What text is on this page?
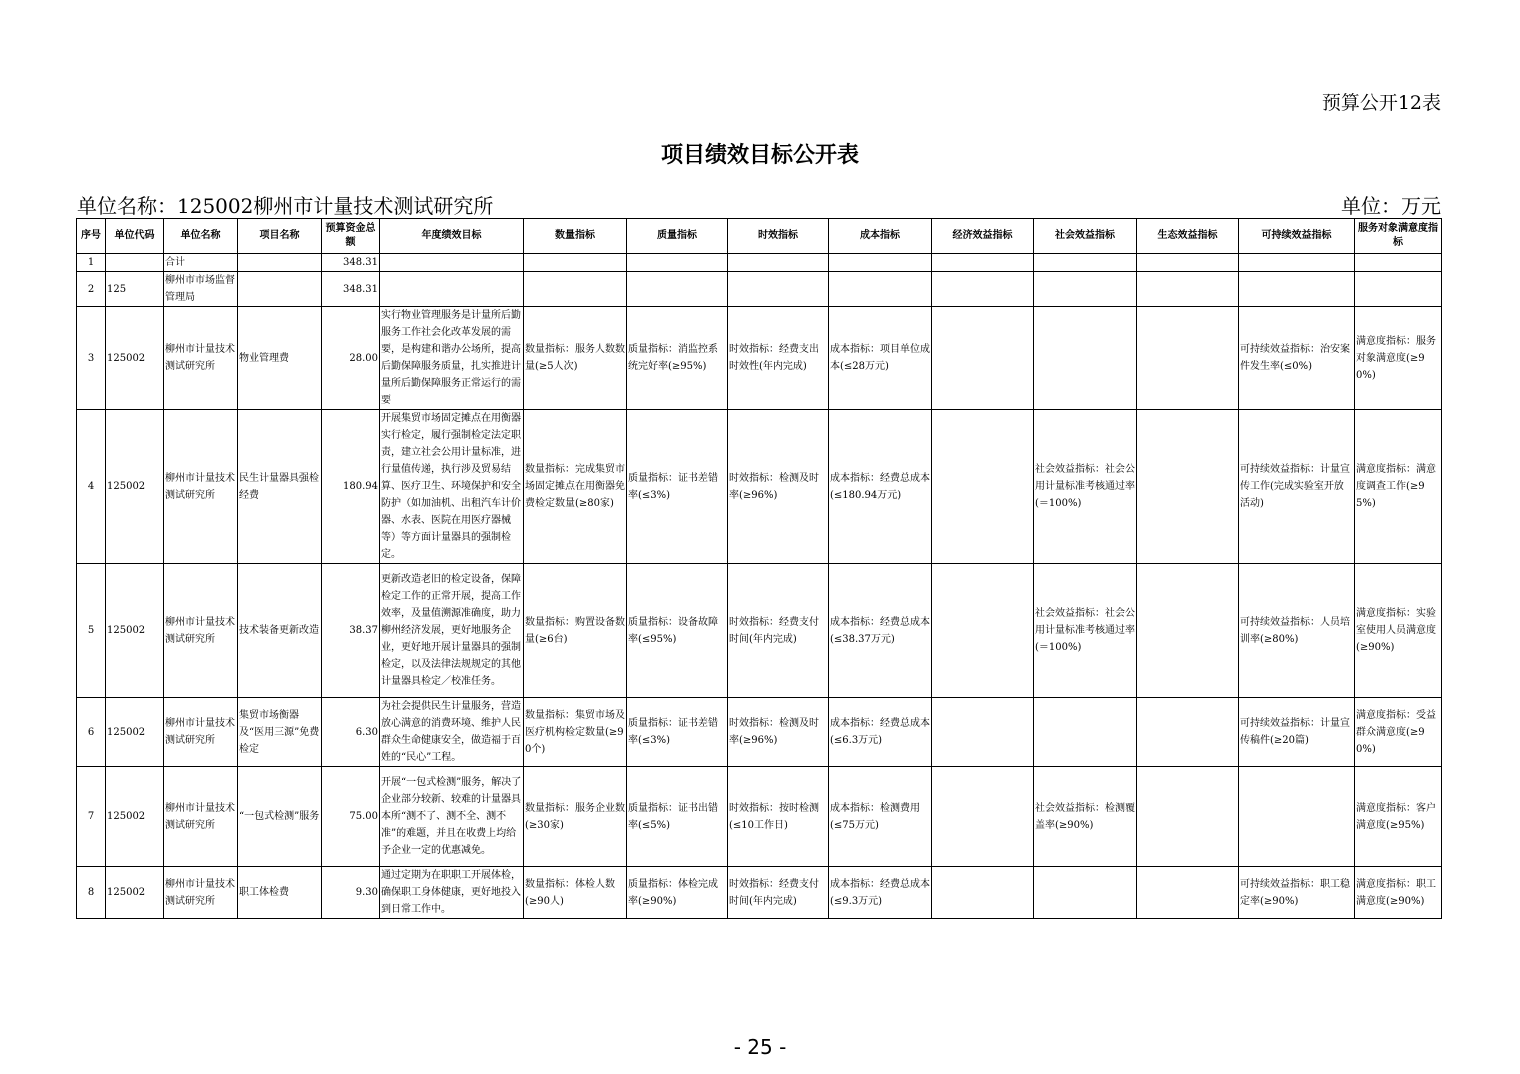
预算公开12表
项目绩效目标公开表
单位名称：125002柳州市计量技术测试研究所	单位：万元
序号	单位代码	单位名称	项目名称	预算资金总额	年度绩效目标	数量指标	质量指标	时效指标	成本指标	经济效益指标	社会效益指标	生态效益指标	可持续效益指标	服务对象满意度指标
1		合计		348.31										
2	125	柳州市市场监督管理局		348.31										
3	125002	柳州市计量技术测试研究所	物业管理费	28.00	实行物业管理服务是计量所后勤服务工作社会化改革发展的需要，是构建和谐办公场所，提高后勤保障服务质量，扎实推进计量所后勤保障服务正常运行的需要	数量指标：服务人数数量(≥5人次)	质量指标：消监控系统完好率(≥95%)	时效指标：经费支出时效性(年内完成)	成本指标：项目单位成本(≤28万元)				可持续效益指标：治安案件发生率(≤0%)	满意度指标：服务对象满意度(≥90%)
4	125002	柳州市计量技术测试研究所	民生计量器具强检经费	180.94	开展集贸市场固定摊点在用衡器实行检定，履行强制检定法定职责，建立社会公用计量标准，进行量值传递，执行涉及贸易结算、医疗卫生、环境保护和安全防护（如加油机、出租汽车计价器、水表、医院在用医疗器械等）等方面计量器具的强制检定。	数量指标：完成集贸市场固定摊点在用衡器免费检定数量(≥80家)	质量指标：证书差错率(≤3%)	时效指标：检测及时率(≥96%)	成本指标：经费总成本(≤180.94万元)		社会效益指标：社会公用计量标准考核通过率(＝100%)		可持续效益指标：计量宣传工作(完成实验室开放活动)	满意度指标：满意度调查工作(≥95%)
5	125002	柳州市计量技术测试研究所	技术装备更新改造	38.37	更新改造老旧的检定设备，保障检定工作的正常开展，提高工作效率，及量值溯源准确度，助力柳州经济发展，更好地服务企业，更好地开展计量器具的强制检定，以及法律法规规定的其他计量器具检定／校准任务。	数量指标：购置设备数量(≥6台)	质量指标：设备故障率(≤95%)	时效指标：经费支付时间(年内完成)	成本指标：经费总成本(≤38.37万元)		社会效益指标：社会公用计量标准考核通过率(＝100%)		可持续效益指标：人员培训率(≥80%)	满意度指标：实验室使用人员满意度(≥90%)
6	125002	柳州市计量技术测试研究所	集贸市场衡器及“医用三源”免费检定	6.30	为社会提供民生计量服务，营造放心满意的消费环境、维护人民群众生命健康安全，做造福于百姓的“民心”工程。	数量指标：集贸市场及医疗机构检定数量(≥90个)	质量指标：证书差错率(≤3%)	时效指标：检测及时率(≥96%)	成本指标：经费总成本(≤6.3万元)				可持续效益指标：计量宣传稿件(≥20篇)	满意度指标：受益群众满意度(≥90%)
7	125002	柳州市计量技术测试研究所	“一包式检测”服务	75.00	开展“一包式检测”服务，解决了企业部分较新、较难的计量器具本所“测不了、测不全、测不准”的难题，并且在收费上均给予企业一定的优惠减免。	数量指标：服务企业数(≥30家)	质量指标：证书出错率(≤5%)	时效指标：按时检测(≤10工作日)	成本指标：检测费用(≤75万元)		社会效益指标：检测覆盖率(≥90%)			满意度指标：客户满意度(≥95%)
8	125002	柳州市计量技术测试研究所	职工体检费	9.30	通过定期为在职职工开展体检，确保职工身体健康，更好地投入到日常工作中。	数量指标：体检人数(≥90人)	质量指标：体检完成率(≥90%)	时效指标：经费支付时间(年内完成)	成本指标：经费总成本(≤9.3万元)				可持续效益指标：职工稳定率(≥90%)	满意度指标：职工满意度(≥90%)
- 25 -
